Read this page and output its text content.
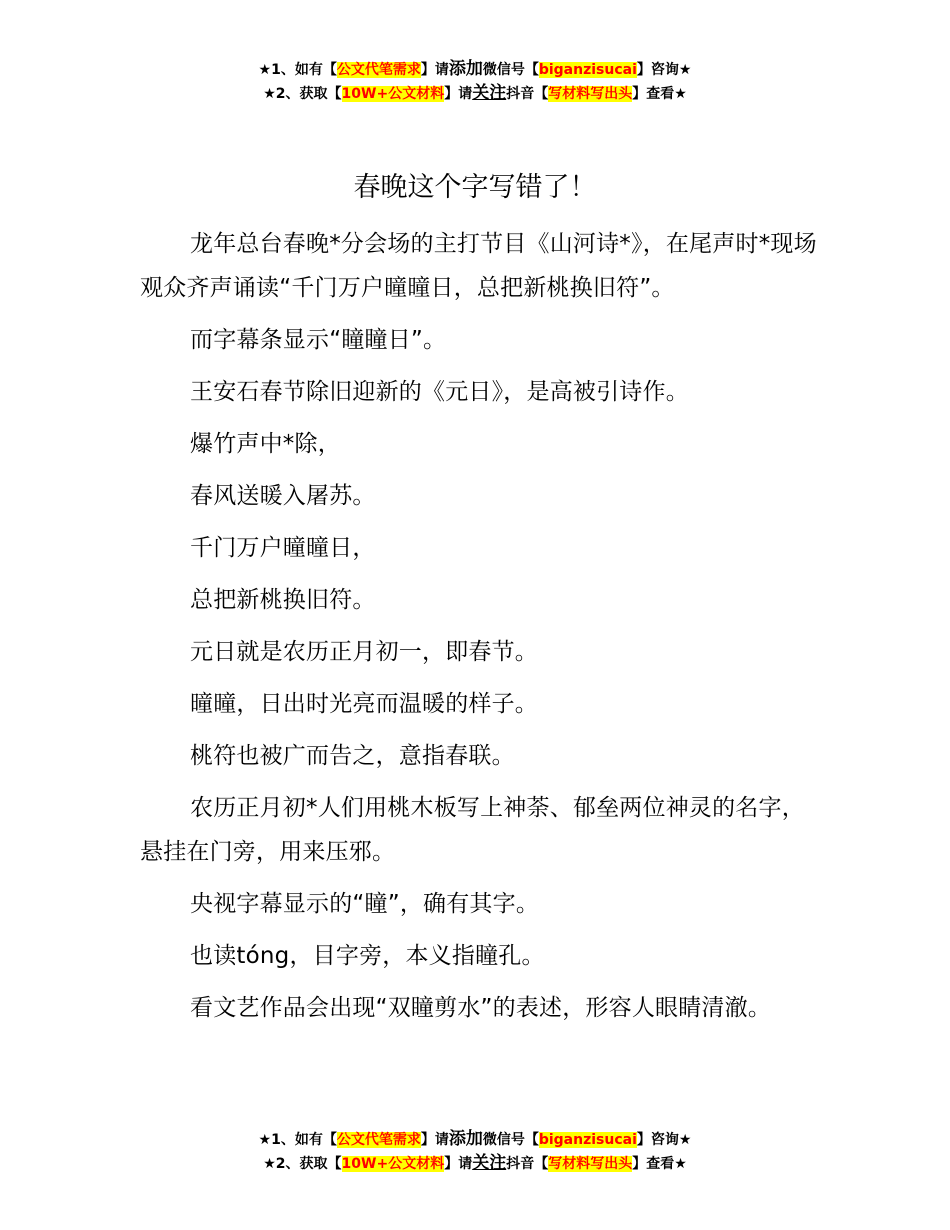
★1、如有【公文代笔需求】请添加微信号【biganzisucai】咨询★
★2、获取【10W+公文材料】请关注抖音【写材料写出头】查看★
春晚这个字写错了！

龙年总台春晚*分会场的主打节目《山河诗*》，在尾声时*现场观众齐声诵读“千门万户曈曈日，总把新桃换旧符”。

而字幕条显示“瞳瞳日”。

王安石春节除旧迎新的《元日》，是高被引诗作。

爆竹声中*除，

春风送暖入屠苏。

千门万户曈曈日，

总把新桃换旧符。

元日就是农历正月初一，即春节。

曈曈，日出时光亮而温暖的样子。

桃符也被广而告之，意指春联。

农历正月初*人们用桃木板写上神荼、郁垒两位神灵的名字，悬挂在门旁，用来压邪。

央视字幕显示的“瞳”，确有其字。

也读tóng，目字旁，本义指瞳孔。

看文艺作品会出现“双瞳剪水”的表述，形容人眼睛清澈。

★1、如有【公文代笔需求】请添加微信号【biganzisucai】咨询★
★2、获取【10W+公文材料】请关注抖音【写材料写出头】查看★
